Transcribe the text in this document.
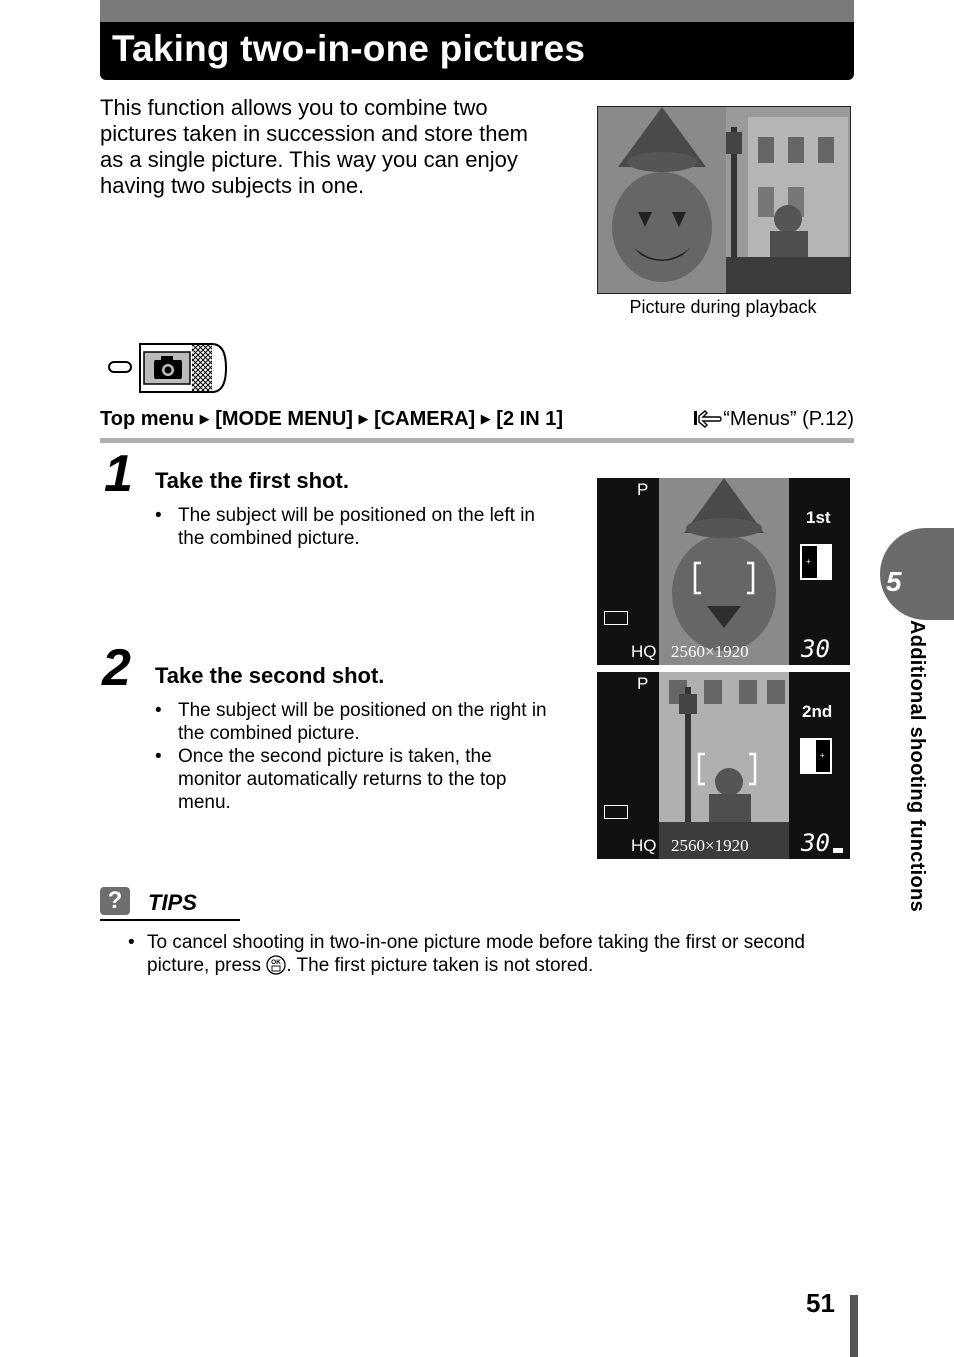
Taking two-in-one pictures

This function allows you to combine two pictures taken in succession and store them as a single picture. This way you can enjoy having two subjects in one.

Picture during playback
Top menu ▶ [MODE MENU] ▶ [CAMERA] ▶ [2 IN 1]	“Menus” (P.12)
1 Take the first shot.
• The subject will be positioned on the left in the combined picture.
2 Take the second shot.
• The subject will be positioned on the right in the combined picture.
• Once the second picture is taken, the monitor automatically returns to the top menu.
P
1st
+
HQ 2560×1920 30
P
2nd
+
HQ 2560×1920 30
?	TIPS
• To cancel shooting in two-in-one picture mode before taking the first or second picture, press OK . The first picture taken is not stored.
5
Additional shooting functions
51
